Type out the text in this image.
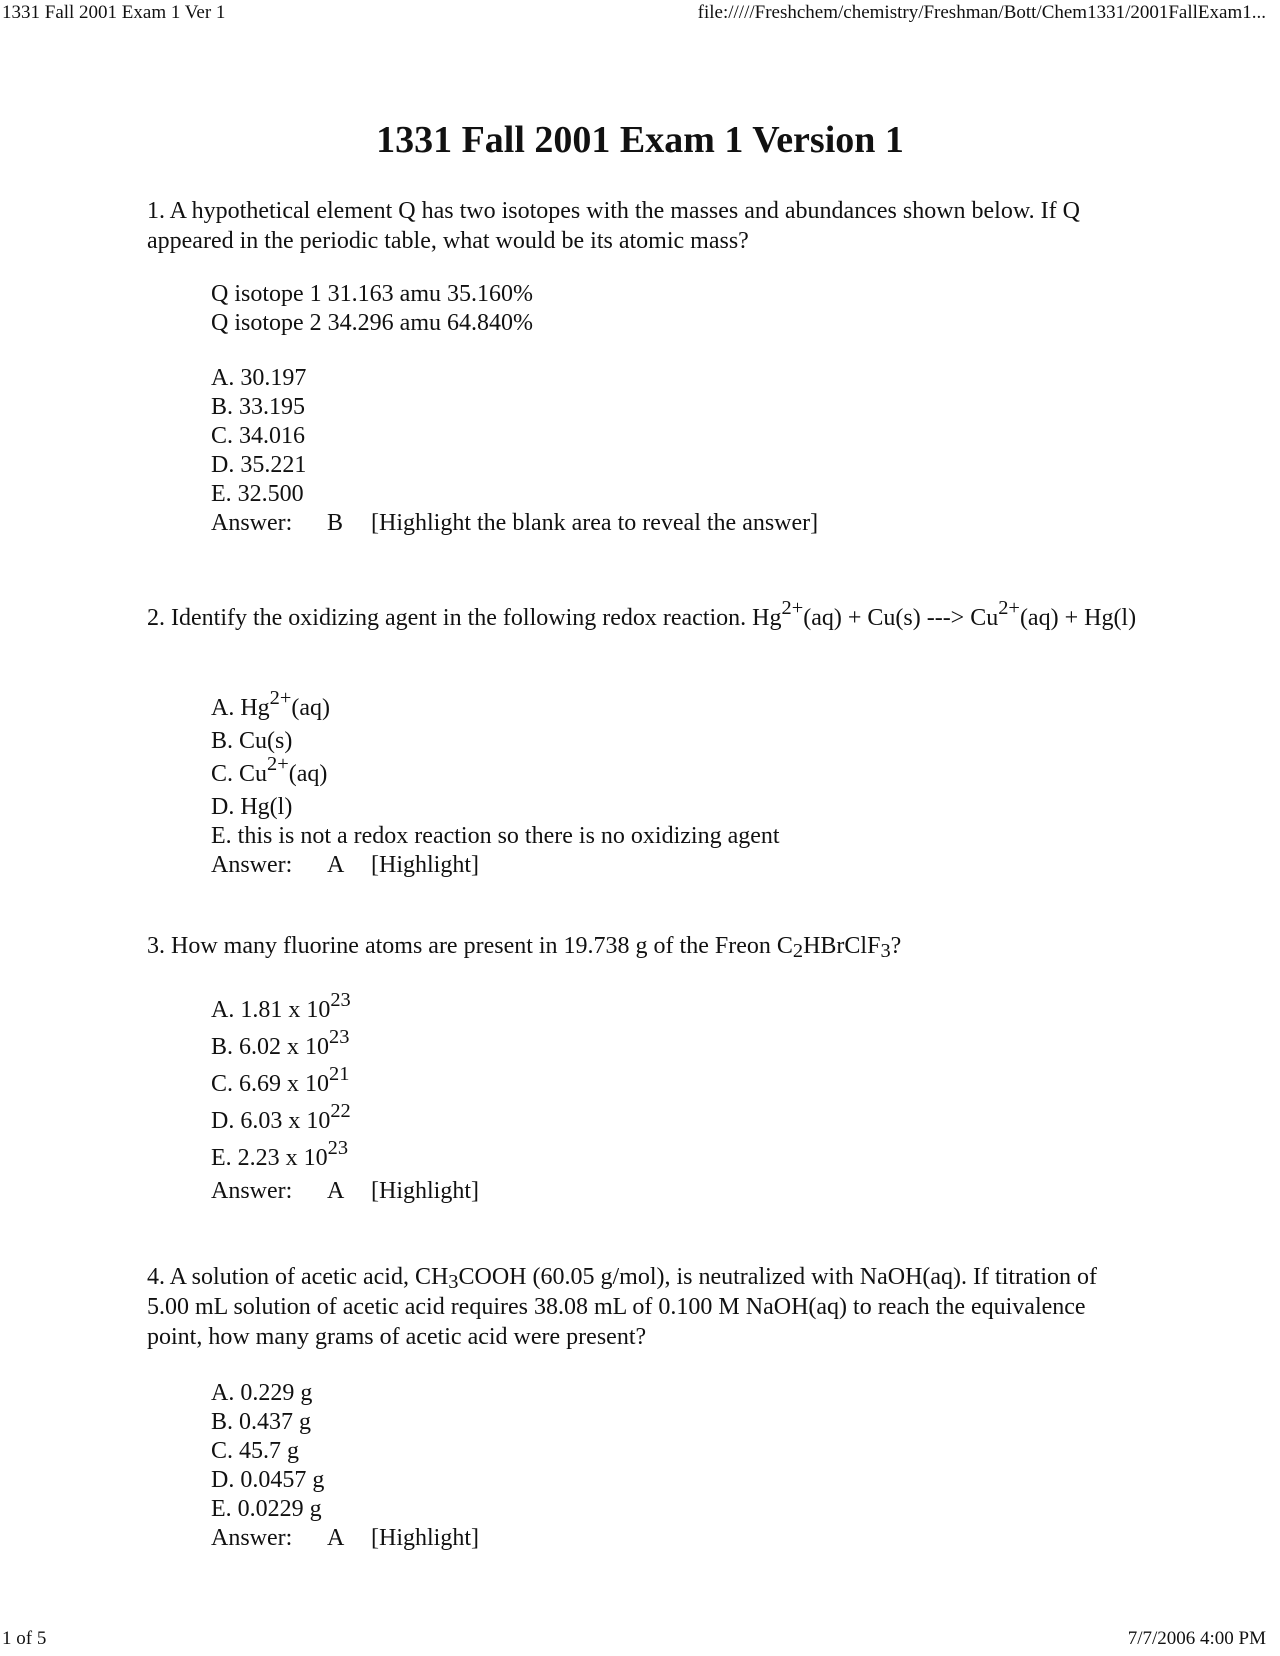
1331 Fall 2001 Exam 1 Ver 1	file://///Freshchem/chemistry/Freshman/Bott/Chem1331/2001FallExam1...
1331 Fall 2001 Exam 1 Version 1
1. A hypothetical element Q has two isotopes with the masses and abundances shown below. If Q appeared in the periodic table, what would be its atomic mass?
Q isotope 1 31.163 amu 35.160%
Q isotope 2 34.296 amu 64.840%
A. 30.197
B. 33.195
C. 34.016
D. 35.221
E. 32.500
Answer: B [Highlight the blank area to reveal the answer]
2. Identify the oxidizing agent in the following redox reaction. $Hg^{2+}(aq) + Cu(s)$ ---> $Cu^{2+}(aq) + Hg(l)$
A. $Hg^{2+}(aq)$
B. Cu(s)
C. $Cu^{2+}(aq)$
D. Hg(l)
E. this is not a redox reaction so there is no oxidizing agent
Answer: A [Highlight]
3. How many fluorine atoms are present in 19.738 g of the Freon $C_2HBrClF_3$?
A. 1.81 x $10^{23}$
B. 6.02 x $10^{23}$
C. 6.69 x $10^{21}$
D. 6.03 x $10^{22}$
E. 2.23 x $10^{23}$
Answer: A [Highlight]
4. A solution of acetic acid, $CH_3COOH$ (60.05 g/mol), is neutralized with NaOH(aq). If titration of 5.00 mL solution of acetic acid requires 38.08 mL of 0.100 M NaOH(aq) to reach the equivalence point, how many grams of acetic acid were present?
A. 0.229 g
B. 0.437 g
C. 45.7 g
D. 0.0457 g
E. 0.0229 g
Answer: A [Highlight]
1 of 5	7/7/2006 4:00 PM
